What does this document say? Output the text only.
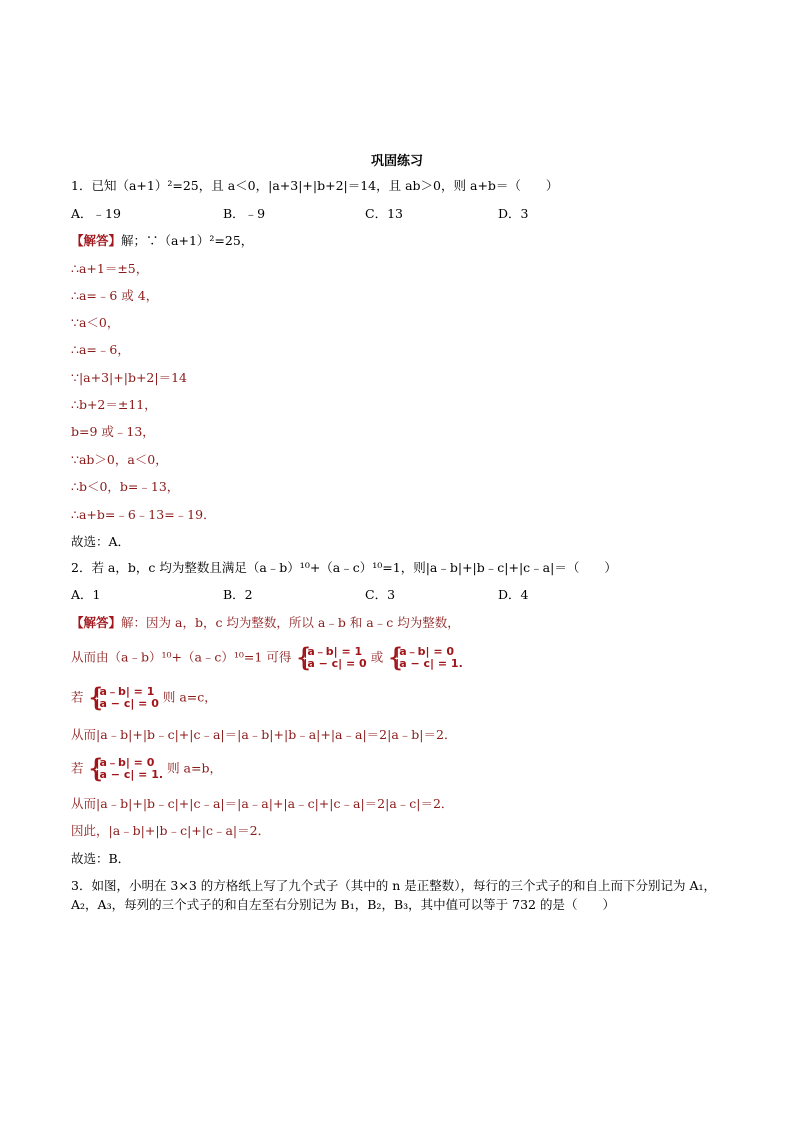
巩固练习
1．已知（a+1）²=25，且 a＜0，|a+3|+|b+2|＝14，且 ab＞0，则 a+b＝（　　）
A．﹣19	B．﹣9	C．13	D．3
【解答】解；∵（a+1）²=25，
∴a+1＝±5，
∴a=﹣6 或 4，
∵a＜0，
∴a=﹣6，
∵|a+3|+|b+2|＝14
∴b+2＝±11，
b=9 或﹣13，
∵ab＞0，a＜0，
∴b＜0，b=﹣13，
∴a+b=﹣6﹣13=﹣19．
故选：A．
2．若 a，b，c 均为整数且满足（a﹣b）¹⁰+（a﹣c）¹⁰=1，则|a﹣b|+|b﹣c|+|c﹣a|＝（　　）
A．1	B．2	C．3	D．4
【解答】解：因为 a，b，c 均为整数，所以 a﹣b 和 a﹣c 均为整数，
从而由（a﹣b）¹⁰+（a﹣c）¹⁰=1 可得 {
|a﹣b| = 1
|a − c| = 0 或 {
|a﹣b| = 0
|a − c| = 1.
若 {
|a﹣b| = 1
|a − c| = 0 则 a=c，
从而|a﹣b|+|b﹣c|+|c﹣a|＝|a﹣b|+|b﹣a|+|a﹣a|＝2|a﹣b|＝2．
若 {
|a﹣b| = 0
|a − c| = 1. 则 a=b，
从而|a﹣b|+|b﹣c|+|c﹣a|＝|a﹣a|+|a﹣c|+|c﹣a|＝2|a﹣c|＝2．
因此，|a﹣b|+|b﹣c|+|c﹣a|＝2．
故选：B．
3．如图，小明在 3×3 的方格纸上写了九个式子（其中的 n 是正整数），每行的三个式子的和自上而下分别记为 A₁，A₂，A₃，每列的三个式子的和自左至右分别记为 B₁，B₂，B₃，其中值可以等于 732 的是（　　）
